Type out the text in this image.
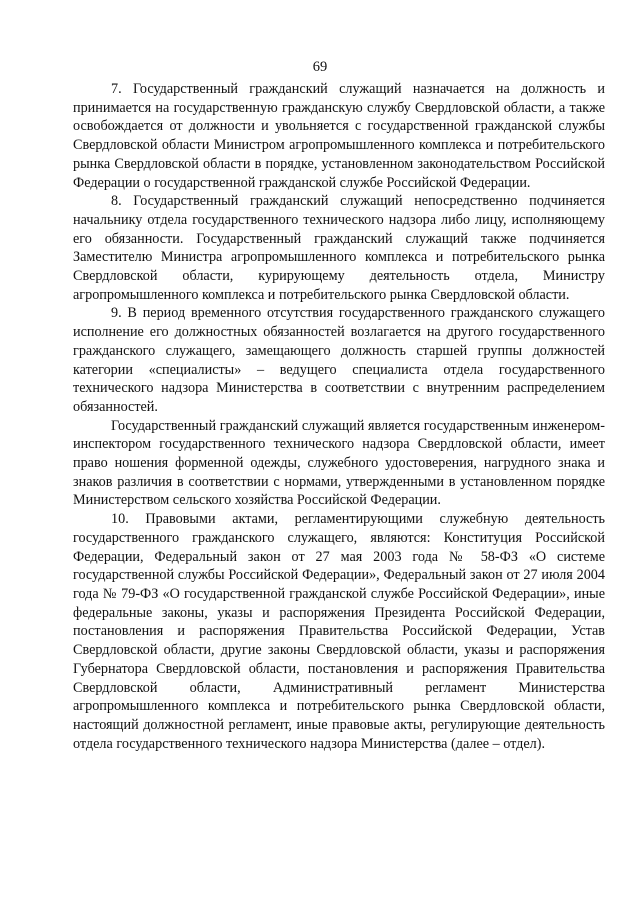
69

7. Государственный гражданский служащий назначается на должность и принимается на государственную гражданскую службу Свердловской области, а также освобождается от должности и увольняется с государственной гражданской службы Свердловской области Министром агропромышленного комплекса и потребительского рынка Свердловской области в порядке, установленном законодательством Российской Федерации о государственной гражданской службе Российской Федерации.

8. Государственный гражданский служащий непосредственно подчиняется начальнику отдела государственного технического надзора либо лицу, исполняющему его обязанности. Государственный гражданский служащий также подчиняется Заместителю Министра агропромышленного комплекса и потребительского рынка Свердловской области, курирующему деятельность отдела, Министру агропромышленного комплекса и потребительского рынка Свердловской области.

9. В период временного отсутствия государственного гражданского служащего исполнение его должностных обязанностей возлагается на другого государственного гражданского служащего, замещающего должность старшей группы должностей категории «специалисты» – ведущего специалиста отдела государственного технического надзора Министерства в соответствии с внутренним распределением обязанностей.

Государственный гражданский служащий является государственным инженером-инспектором государственного технического надзора Свердловской области, имеет право ношения форменной одежды, служебного удостоверения, нагрудного знака и знаков различия в соответствии с нормами, утвержденными в установленном порядке Министерством сельского хозяйства Российской Федерации.

10. Правовыми актами, регламентирующими служебную деятельность государственного гражданского служащего, являются: Конституция Российской Федерации, Федеральный закон от 27 мая 2003 года № 58-ФЗ «О системе государственной службы Российской Федерации», Федеральный закон от 27 июля 2004 года № 79-ФЗ «О государственной гражданской службе Российской Федерации», иные федеральные законы, указы и распоряжения Президента Российской Федерации, постановления и распоряжения Правительства Российской Федерации, Устав Свердловской области, другие законы Свердловской области, указы и распоряжения Губернатора Свердловской области, постановления и распоряжения Правительства Свердловской области, Административный регламент Министерства агропромышленного комплекса и потребительского рынка Свердловской области, настоящий должностной регламент, иные правовые акты, регулирующие деятельность отдела государственного технического надзора Министерства (далее – отдел).
